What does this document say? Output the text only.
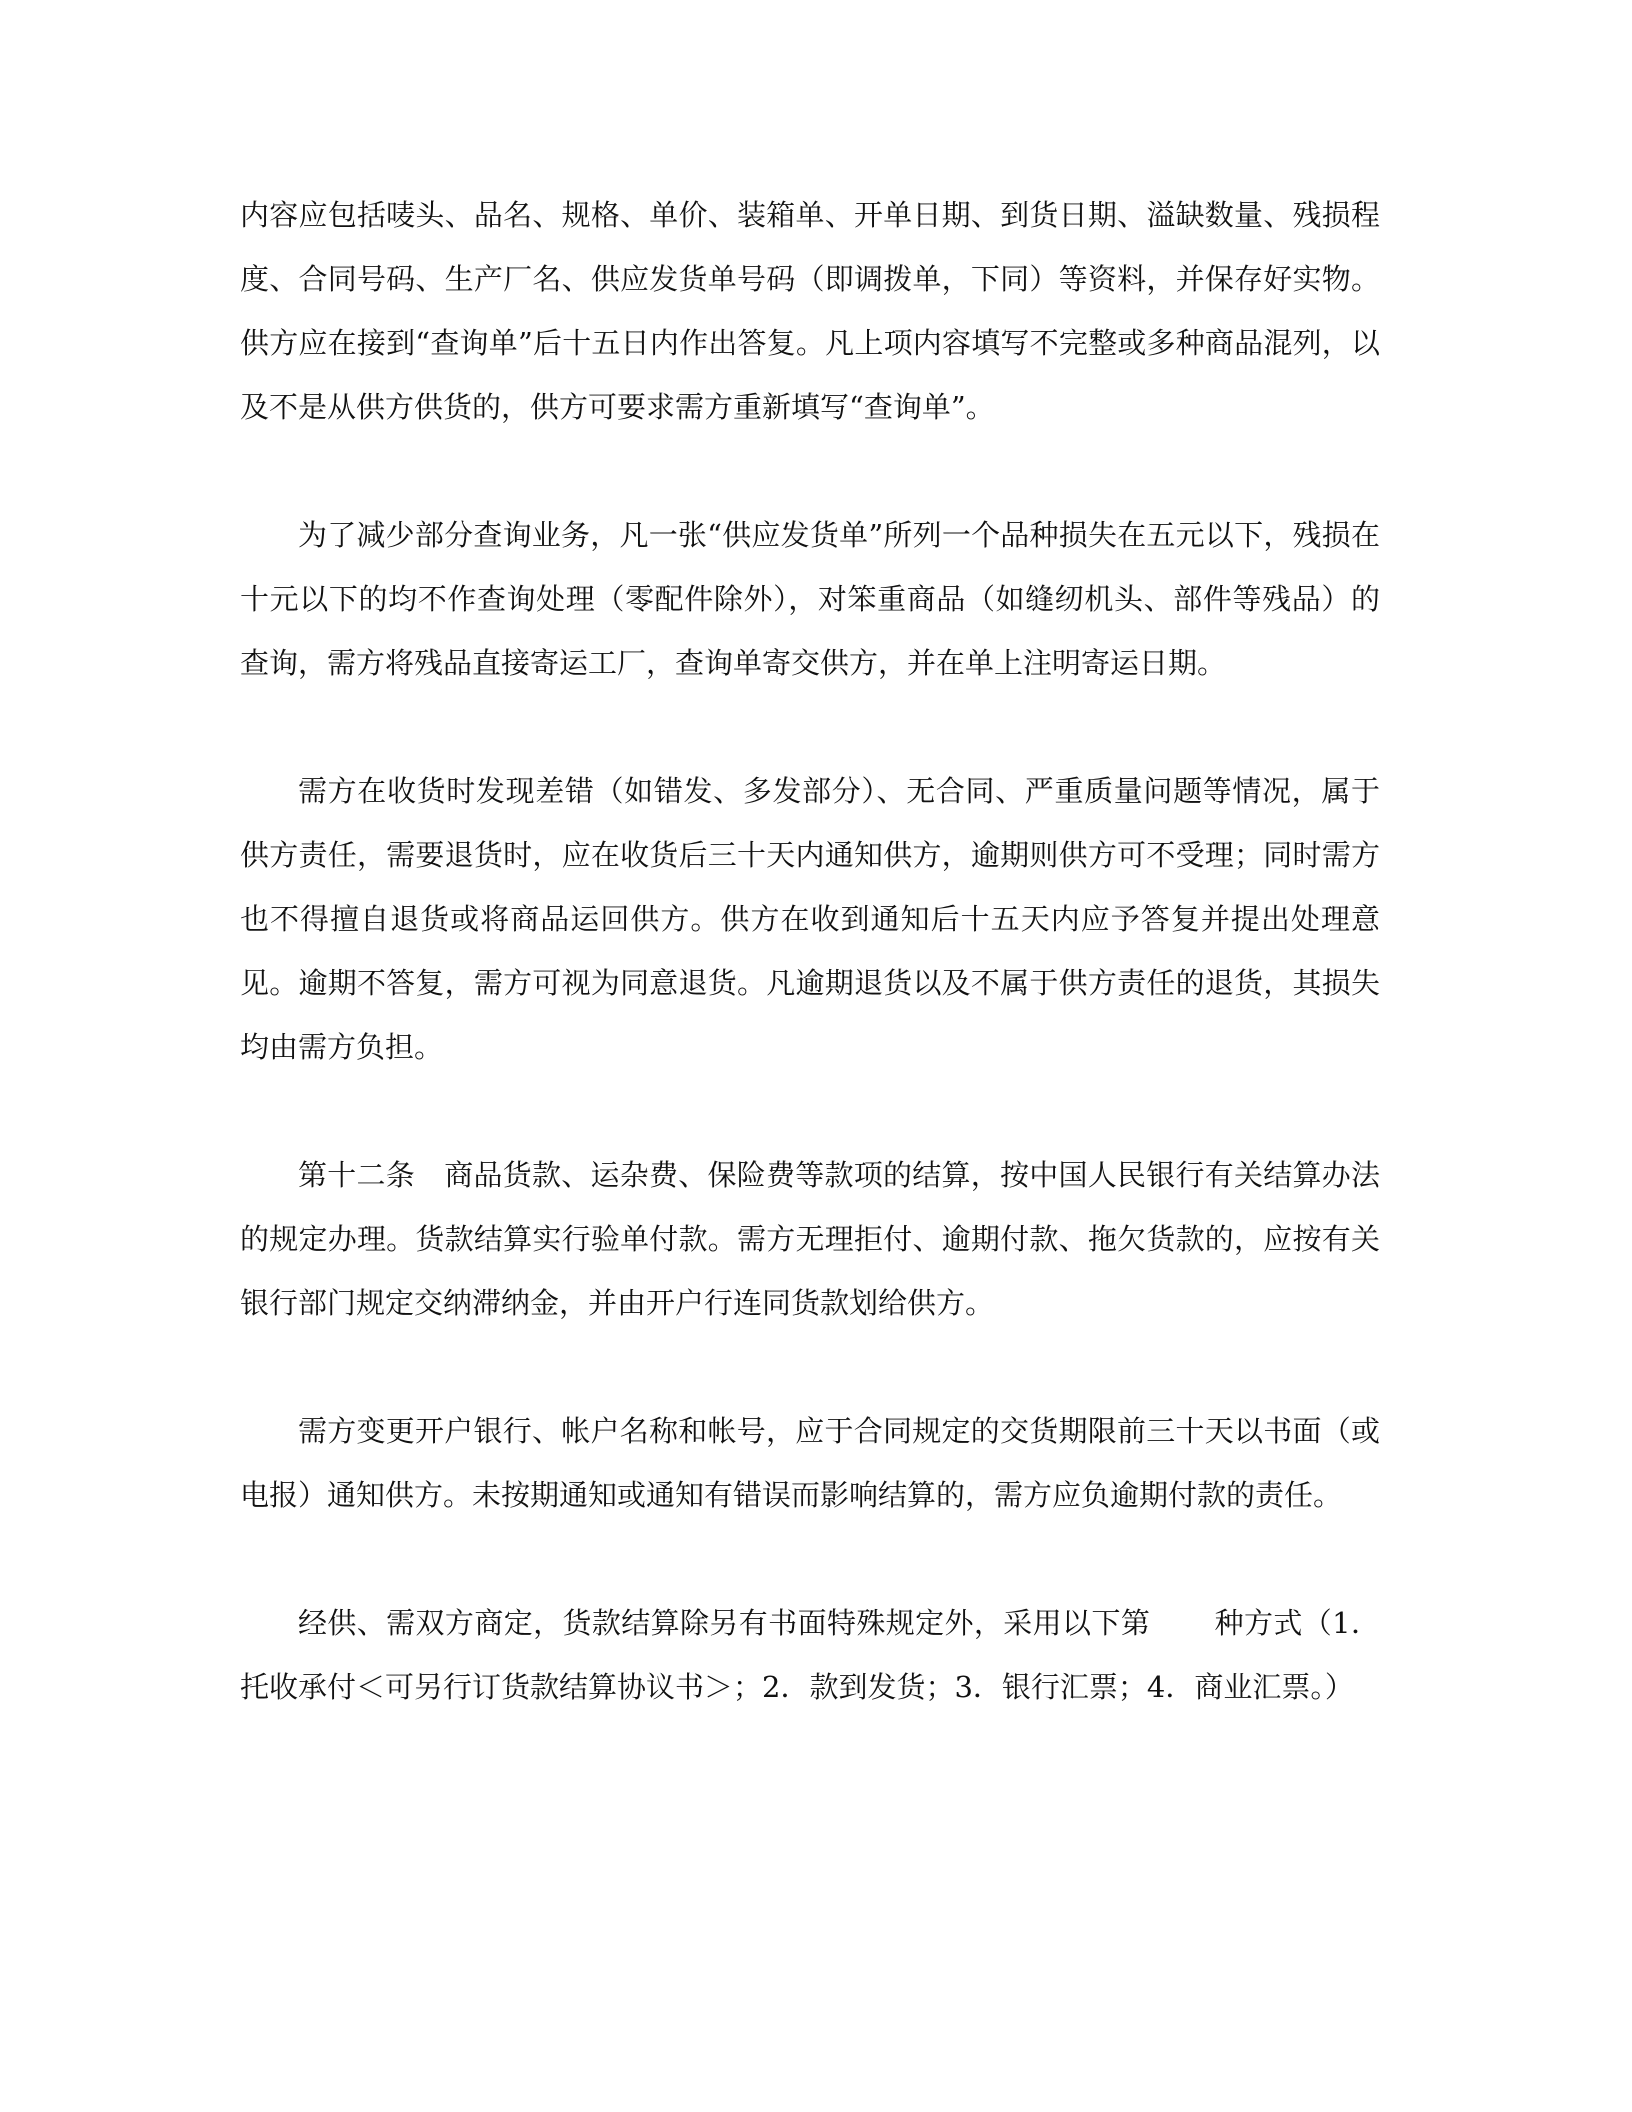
内容应包括唛头、品名、规格、单价、装箱单、开单日期、到货日期、溢缺数量、残损程度、合同号码、生产厂名、供应发货单号码（即调拨单，下同）等资料，并保存好实物。供方应在接到“查询单”后十五日内作出答复。凡上项内容填写不完整或多种商品混列，以及不是从供方供货的，供方可要求需方重新填写“查询单”。

为了减少部分查询业务，凡一张“供应发货单”所列一个品种损失在五元以下，残损在十元以下的均不作查询处理（零配件除外），对笨重商品（如缝纫机头、部件等残品）的查询，需方将残品直接寄运工厂，查询单寄交供方，并在单上注明寄运日期。

需方在收货时发现差错（如错发、多发部分）、无合同、严重质量问题等情况，属于供方责任，需要退货时，应在收货后三十天内通知供方，逾期则供方可不受理；同时需方也不得擅自退货或将商品运回供方。供方在收到通知后十五天内应予答复并提出处理意见。逾期不答复，需方可视为同意退货。凡逾期退货以及不属于供方责任的退货，其损失均由需方负担。

第十二条　商品货款、运杂费、保险费等款项的结算，按中国人民银行有关结算办法的规定办理。货款结算实行验单付款。需方无理拒付、逾期付款、拖欠货款的，应按有关银行部门规定交纳滞纳金，并由开户行连同货款划给供方。

需方变更开户银行、帐户名称和帐号，应于合同规定的交货期限前三十天以书面（或电报）通知供方。未按期通知或通知有错误而影响结算的，需方应负逾期付款的责任。

经供、需双方商定，货款结算除另有书面特殊规定外，采用以下第 种方式（1．托收承付＜可另行订货款结算协议书＞；2．款到发货；3．银行汇票；4．商业汇票。）
